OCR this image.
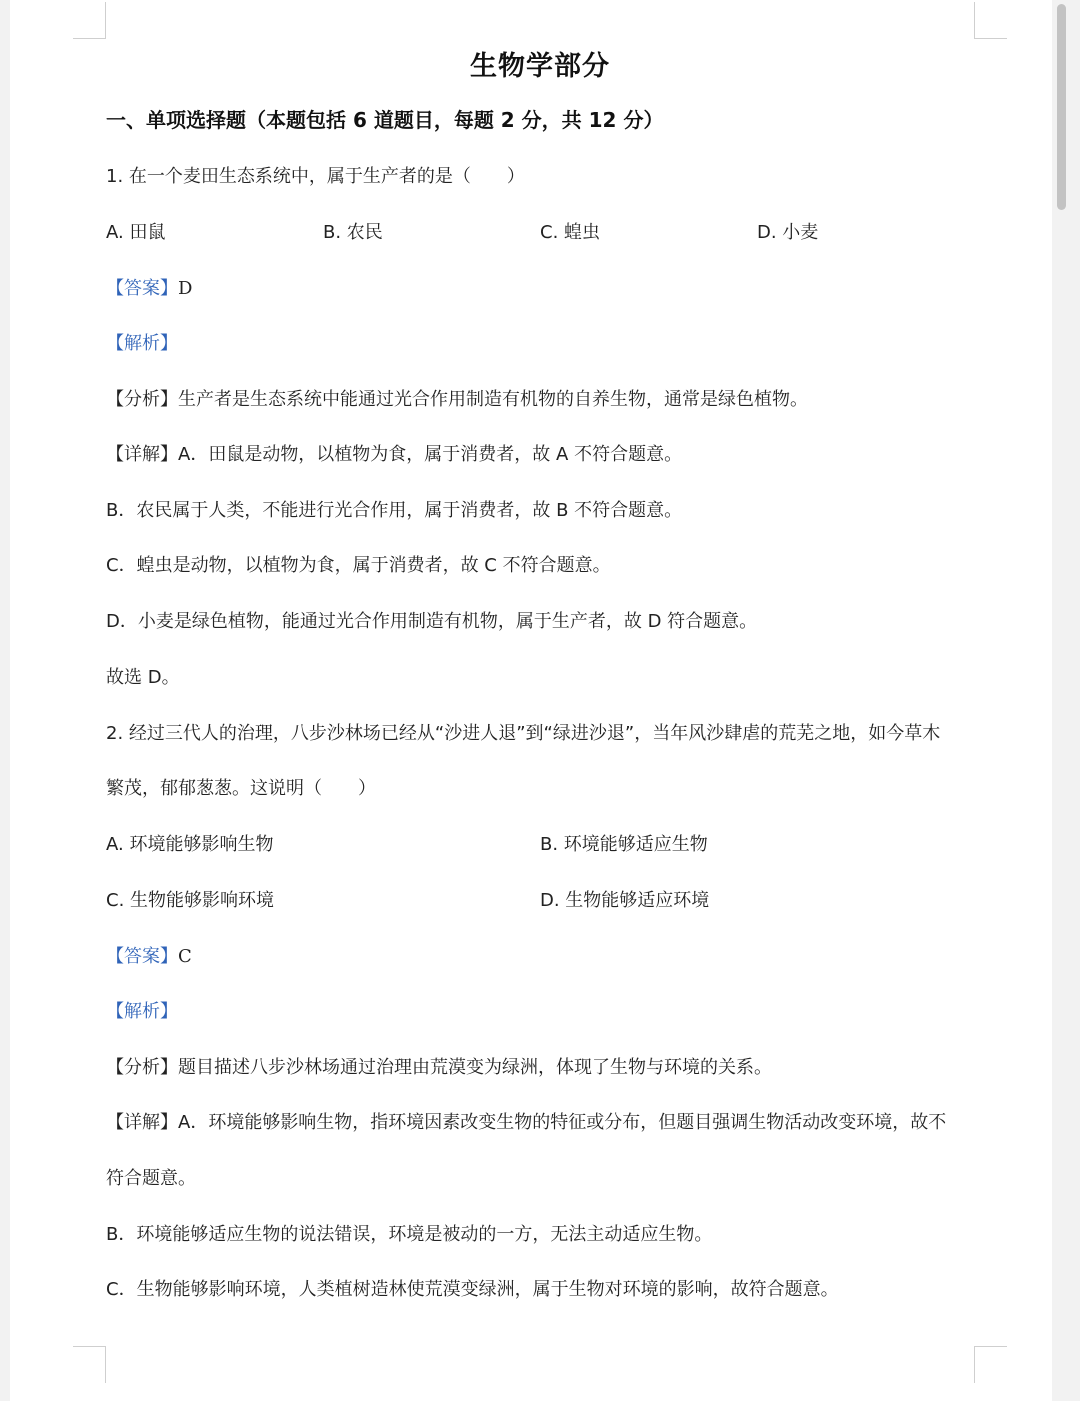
生物学部分
一、单项选择题（本题包括 6 道题目，每题 2 分，共 12 分）
1. 在一个麦田生态系统中，属于生产者的是（　　）
A. 田鼠	B. 农民	C. 蝗虫	D. 小麦
【答案】D
【解析】
【分析】生产者是生态系统中能通过光合作用制造有机物的自养生物，通常是绿色植物。
【详解】A．田鼠是动物，以植物为食，属于消费者，故 A 不符合题意。
B．农民属于人类，不能进行光合作用，属于消费者，故 B 不符合题意。
C．蝗虫是动物，以植物为食，属于消费者，故 C 不符合题意。
D．小麦是绿色植物，能通过光合作用制造有机物，属于生产者，故 D 符合题意。
故选 D。
2. 经过三代人的治理，八步沙林场已经从“沙进人退”到“绿进沙退”，当年风沙肆虐的荒芜之地，如今草木
繁茂，郁郁葱葱。这说明（　　）
A. 环境能够影响生物	B. 环境能够适应生物
C. 生物能够影响环境	D. 生物能够适应环境
【答案】C
【解析】
【分析】题目描述八步沙林场通过治理由荒漠变为绿洲，体现了生物与环境的关系。
【详解】A．环境能够影响生物，指环境因素改变生物的特征或分布，但题目强调生物活动改变环境，故不
符合题意。
B．环境能够适应生物的说法错误，环境是被动的一方，无法主动适应生物。
C．生物能够影响环境，人类植树造林使荒漠变绿洲，属于生物对环境的影响，故符合题意。
